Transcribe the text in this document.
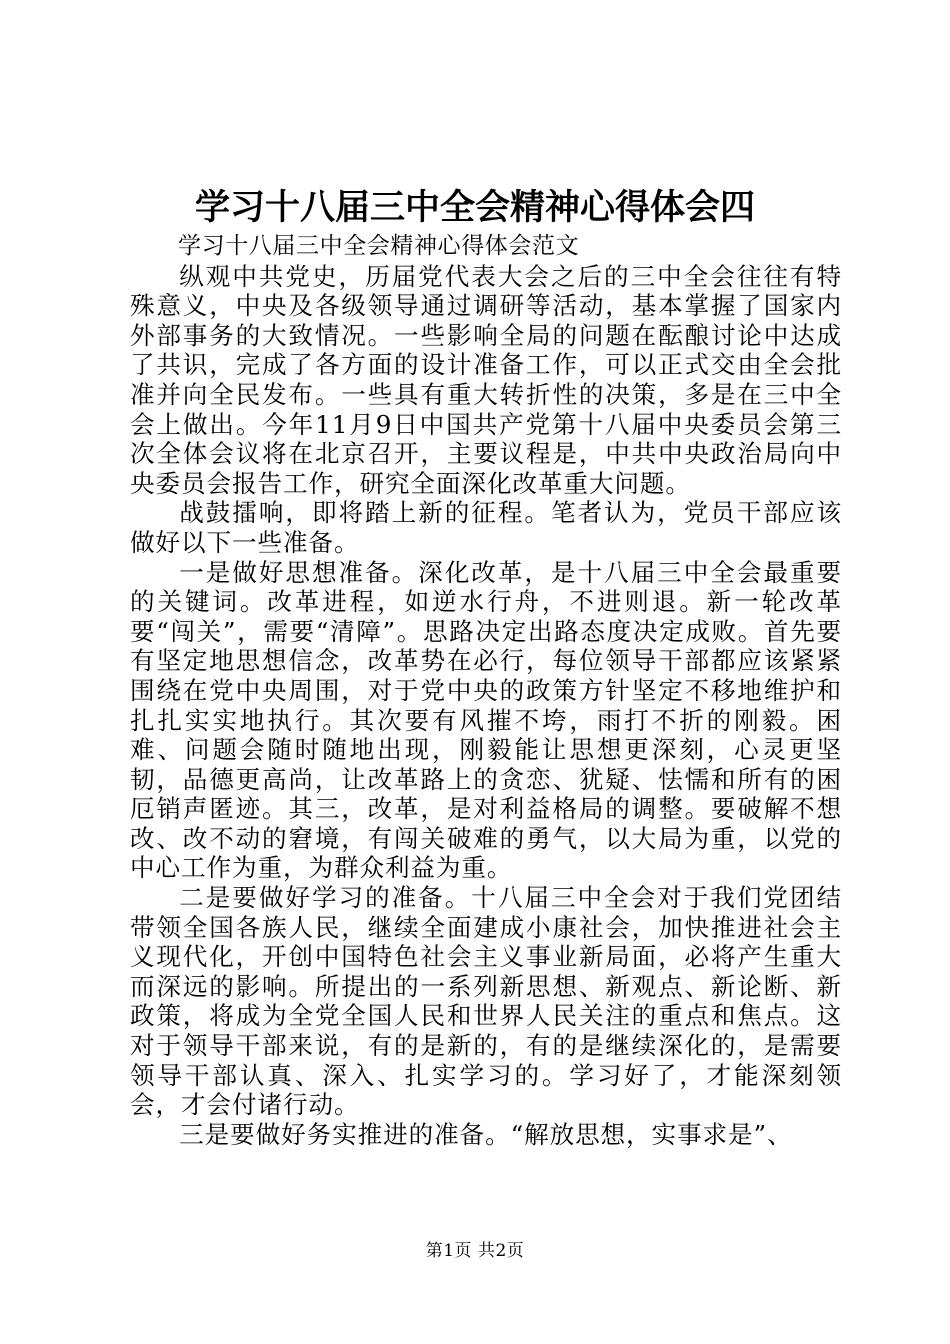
学习十八届三中全会精神心得体会四
学习十八届三中全会精神心得体会范文

纵观中共党史，历届党代表大会之后的三中全会往往有特殊意义，中央及各级领导通过调研等活动，基本掌握了国家内外部事务的大致情况。一些影响全局的问题在酝酿讨论中达成了共识，完成了各方面的设计准备工作，可以正式交由全会批准并向全民发布。一些具有重大转折性的决策，多是在三中全会上做出。今年11月9日中国共产党第十八届中央委员会第三次全体会议将在北京召开，主要议程是，中共中央政治局向中央委员会报告工作，研究全面深化改革重大问题。

战鼓擂响，即将踏上新的征程。笔者认为，党员干部应该做好以下一些准备。

一是做好思想准备。深化改革，是十八届三中全会最重要的关键词。改革进程，如逆水行舟，不进则退。新一轮改革要“闯关”，需要“清障”。思路决定出路态度决定成败。首先要有坚定地思想信念，改革势在必行，每位领导干部都应该紧紧围绕在党中央周围，对于党中央的政策方针坚定不移地维护和扎扎实实地执行。其次要有风摧不垮，雨打不折的刚毅。困难、问题会随时随地出现，刚毅能让思想更深刻，心灵更坚韧，品德更高尚，让改革路上的贪恋、犹疑、怯懦和所有的困厄销声匿迹。其三，改革，是对利益格局的调整。要破解不想改、改不动的窘境，有闯关破难的勇气，以大局为重，以党的中心工作为重，为群众利益为重。

二是要做好学习的准备。十八届三中全会对于我们党团结带领全国各族人民，继续全面建成小康社会，加快推进社会主义现代化，开创中国特色社会主义事业新局面，必将产生重大而深远的影响。所提出的一系列新思想、新观点、新论断、新政策，将成为全党全国人民和世界人民关注的重点和焦点。这对于领导干部来说，有的是新的，有的是继续深化的，是需要领导干部认真、深入、扎实学习的。学习好了，才能深刻领会，才会付诸行动。

三是要做好务实推进的准备。“解放思想，实事求是”、

第1页 共2页
